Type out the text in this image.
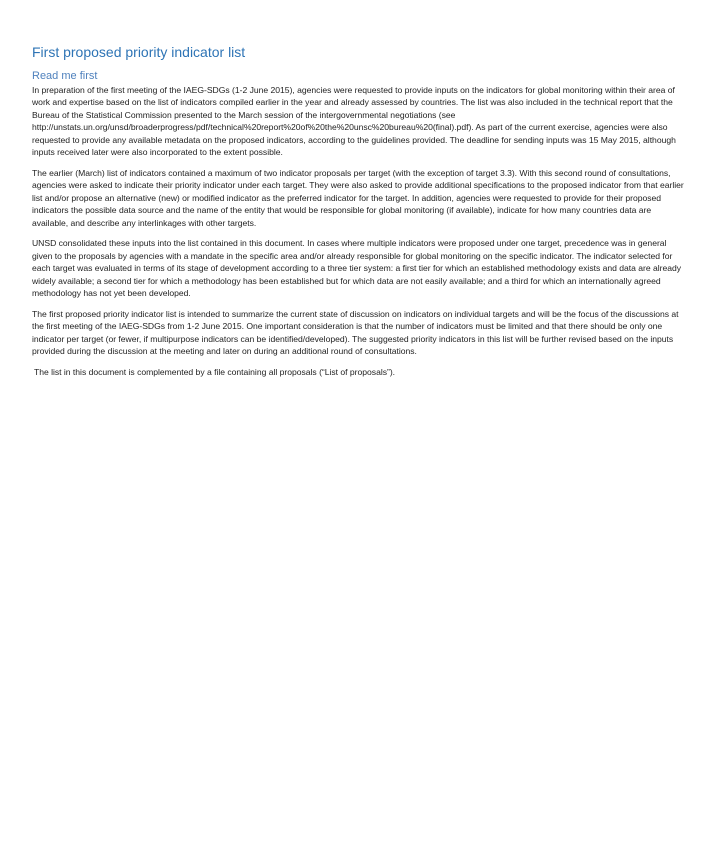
First proposed priority indicator list
Read me first

In preparation of the first meeting of the IAEG-SDGs (1-2 June 2015), agencies were requested to provide inputs on the indicators for global monitoring within their area of work and expertise based on the list of indicators compiled earlier in the year and already assessed by countries. The list was also included in the technical report that the Bureau of the Statistical Commission presented to the March session of the intergovernmental negotiations (see http://unstats.un.org/unsd/broaderprogress/pdf/technical%20report%20of%20the%20unsc%20bureau%20(final).pdf). As part of the current exercise, agencies were also requested to provide any available metadata on the proposed indicators, according to the guidelines provided. The deadline for sending inputs was 15 May 2015, although inputs received later were also incorporated to the extent possible.

The earlier (March) list of indicators contained a maximum of two indicator proposals per target (with the exception of target 3.3). With this second round of consultations, agencies were asked to indicate their priority indicator under each target. They were also asked to provide additional specifications to the proposed indicator from that earlier list and/or propose an alternative (new) or modified indicator as the preferred indicator for the target. In addition, agencies were requested to provide for their proposed indicators the possible data source and the name of the entity that would be responsible for global monitoring (if available), indicate for how many countries data are available, and describe any interlinkages with other targets.

UNSD consolidated these inputs into the list contained in this document. In cases where multiple indicators were proposed under one target, precedence was in general given to the proposals by agencies with a mandate in the specific area and/or already responsible for global monitoring on the specific indicator. The indicator selected for each target was evaluated in terms of its stage of development according to a three tier system: a first tier for which an established methodology exists and data are already widely available; a second tier for which a methodology has been established but for which data are not easily available; and a third for which an internationally agreed methodology has not yet been developed.

The first proposed priority indicator list is intended to summarize the current state of discussion on indicators on individual targets and will be the focus of the discussions at the first meeting of the IAEG-SDGs from 1-2 June 2015. One important consideration is that the number of indicators must be limited and that there should be only one indicator per target (or fewer, if multipurpose indicators can be identified/developed). The suggested priority indicators in this list will be further revised based on the inputs provided during the discussion at the meeting and later on during an additional round of consultations.

The list in this document is complemented by a file containing all proposals (“List of proposals”).
